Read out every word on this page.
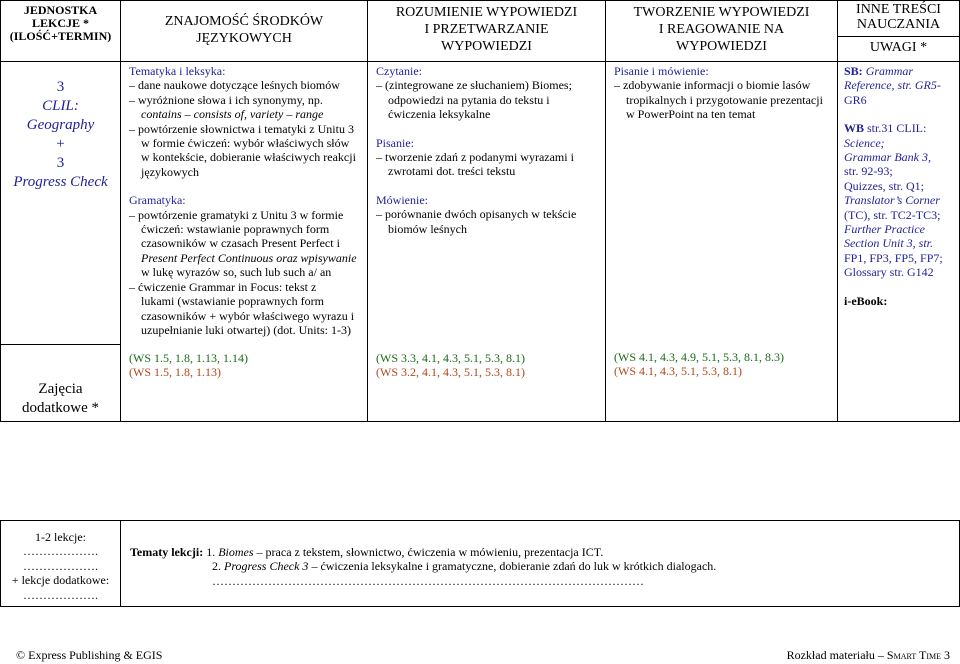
JEDNOSTKA
LEKCJE *
(ILOŚĆ+TERMIN)
ZNAJOMOŚĆ ŚRODKÓW
JĘZYKOWYCH
ROZUMIENIE WYPOWIEDZI
I PRZETWARZANIE
WYPOWIEDZI
TWORZENIE WYPOWIEDZI
I REAGOWANIE NA
WYPOWIEDZI
INNE TREŚCI
NAUCZANIA
UWAGI *
3
CLIL:
Geography
+
3
Progress Check
Zajęcia
dodatkowe *
Tematyka i leksyka:
– dane naukowe dotyczące leśnych biomów
– wyróżnione słowa i ich synonymy, np.
contains – consists of, variety – range
– powtórzenie słownictwa i tematyki z Unitu 3
w formie ćwiczeń: wybór właściwych słów
w kontekście, dobieranie właściwych reakcji
językowych
Gramatyka:
– powtórzenie gramatyki z Unitu 3 w formie
ćwiczeń: wstawianie poprawnych form
czasowników w czasach Present Perfect i
Present Perfect Continuous oraz wpisywanie
w lukę wyrazów so, such lub such a/ an
– ćwiczenie Grammar in Focus: tekst z
lukami (wstawianie poprawnych form
czasowników + wybór właściwego wyrazu i
uzupełnianie luki otwartej) (dot. Units: 1-3)
(WS 1.5, 1.8, 1.13, 1.14)
(WS 1.5, 1.8, 1.13)
Czytanie:
– (zintegrowane ze słuchaniem) Biomes;
odpowiedzi na pytania do tekstu i
ćwiczenia leksykalne
Pisanie:
– tworzenie zdań z podanymi wyrazami i
zwrotami dot. treści tekstu
Mówienie:
– porównanie dwóch opisanych w tekście
biomów leśnych
(WS 3.3, 4.1, 4.3, 5.1, 5.3, 8.1)
(WS 3.2, 4.1, 4.3, 5.1, 5.3, 8.1)
Pisanie i mówienie:
– zdobywanie informacji o biomie lasów
tropikalnych i przygotowanie prezentacji
w PowerPoint na ten temat
(WS 4.1, 4.3, 4.9, 5.1, 5.3, 8.1, 8.3)
(WS 4.1, 4.3, 5.1, 5.3, 8.1)
SB: Grammar
Reference, str. GR5-
GR6
WB str.31 CLIL:
Science;
Grammar Bank 3,
str. 92-93;
Quizzes, str. Q1;
Translator’s Corner
(TC), str. TC2-TC3;
Further Practice
Section Unit 3, str.
FP1, FP3, FP5, FP7;
Glossary str. G142
i-eBook:
1-2 lekcje:
……………….
……………….
+ lekcje dodatkowe:
……………….
Tematy lekcji: 1. Biomes – praca z tekstem, słownictwo, ćwiczenia w mówieniu, prezentacja ICT.
2. Progress Check 3 – ćwiczenia leksykalne i gramatyczne, dobieranie zdań do luk w krótkich dialogach.
………………………………………………………………………………………………
© Express Publishing & EGIS	Rozkład materiału – Smart Time 3
